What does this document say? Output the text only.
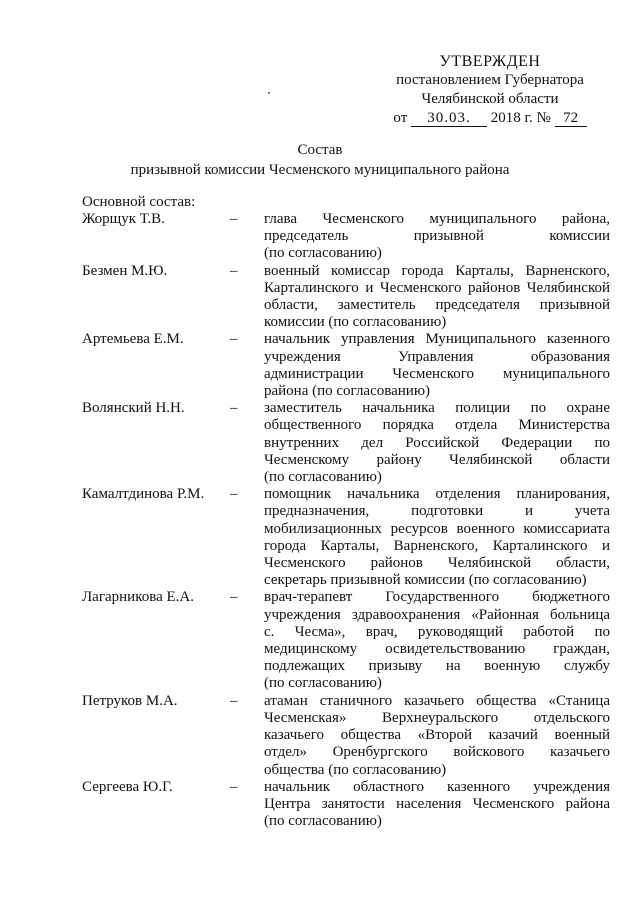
УТВЕРЖДЕН
постановлением Губернатора
Челябинской области
от 30.03. 2018 г. № 72
Состав
призывной комиссии Чесменского муниципального района
Основной состав:
Жорщук Т.В.	–	глава Чесменского муниципального района,
председатель призывной комиссии
(по согласованию)
Безмен М.Ю.	–	военный комиссар города Карталы, Варненского,
Карталинского и Чесменского районов Челябинской
области, заместитель председателя призывной
комиссии (по согласованию)
Артемьева Е.М.	–	начальник управления Муниципального казенного
учреждения Управления образования
администрации Чесменского муниципального
района (по согласованию)
Волянский Н.Н.	–	заместитель начальника полиции по охране
общественного порядка отдела Министерства
внутренних дел Российской Федерации по
Чесменскому району Челябинской области
(по согласованию)
Камалтдинова Р.М.	–	помощник начальника отделения планирования,
предназначения, подготовки и учета
мобилизационных ресурсов военного комиссариата
города Карталы, Варненского, Карталинского и
Чесменского районов Челябинской области,
секретарь призывной комиссии (по согласованию)
Лагарникова Е.А.	–	врач-терапевт Государственного бюджетного
учреждения здравоохранения «Районная больница
с. Чесма», врач, руководящий работой по
медицинскому освидетельствованию граждан,
подлежащих призыву на военную службу
(по согласованию)
Петруков М.А.	–	атаман станичного казачьего общества «Станица
Чесменская» Верхнеуральского отдельского
казачьего общества «Второй казачий военный
отдел» Оренбургского войскового казачьего
общества (по согласованию)
Сергеева Ю.Г.	–	начальник областного казенного учреждения
Центра занятости населения Чесменского района
(по согласованию)
